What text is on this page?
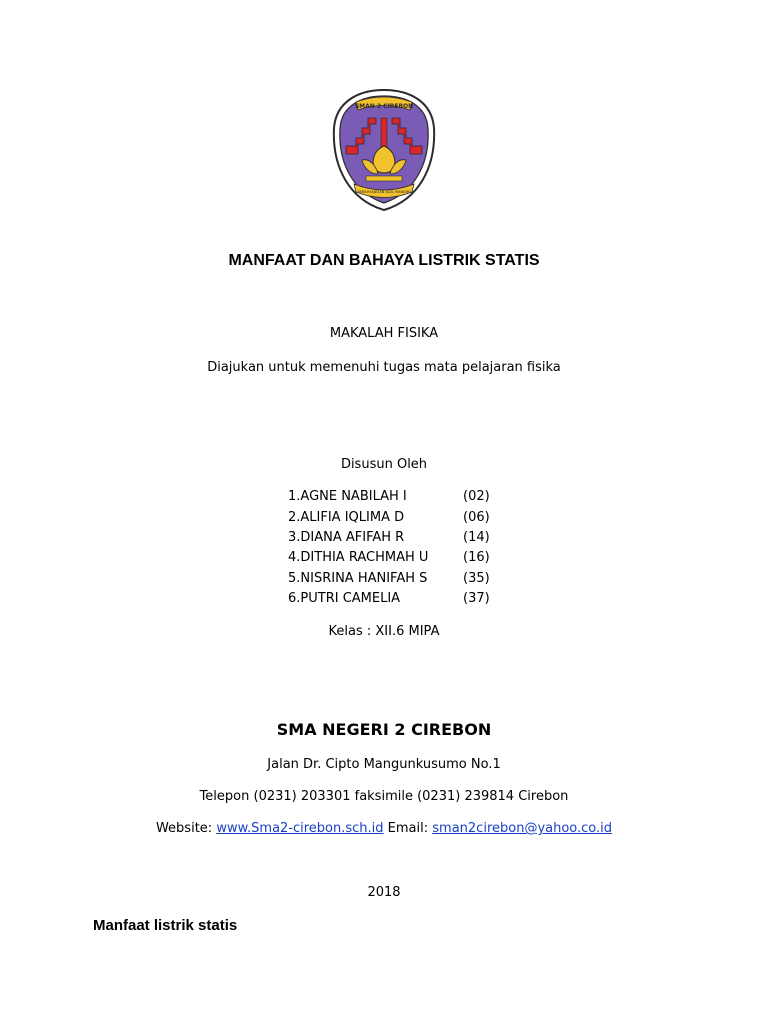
SMAN 2 CIREBON
PARAHYANGAN ADIL MANDIRI
MANFAAT DAN BAHAYA LISTRIK STATIS
MAKALAH FISIKA
Diajukan untuk memenuhi tugas mata pelajaran fisika
Disusun Oleh
1.AGNE NABILAH I	(02)
2.ALIFIA IQLIMA D	(06)
3.DIANA AFIFAH R	(14)
4.DITHIA RACHMAH U	(16)
5.NISRINA HANIFAH S	(35)
6.PUTRI CAMELIA	(37)
Kelas : XII.6 MIPA
SMA NEGERI 2 CIREBON
Jalan Dr. Cipto Mangunkusumo No.1
Telepon (0231) 203301 faksimile (0231) 239814 Cirebon
Website: www.Sma2-cirebon.sch.id Email: sman2cirebon@yahoo.co.id
2018
Manfaat listrik statis
